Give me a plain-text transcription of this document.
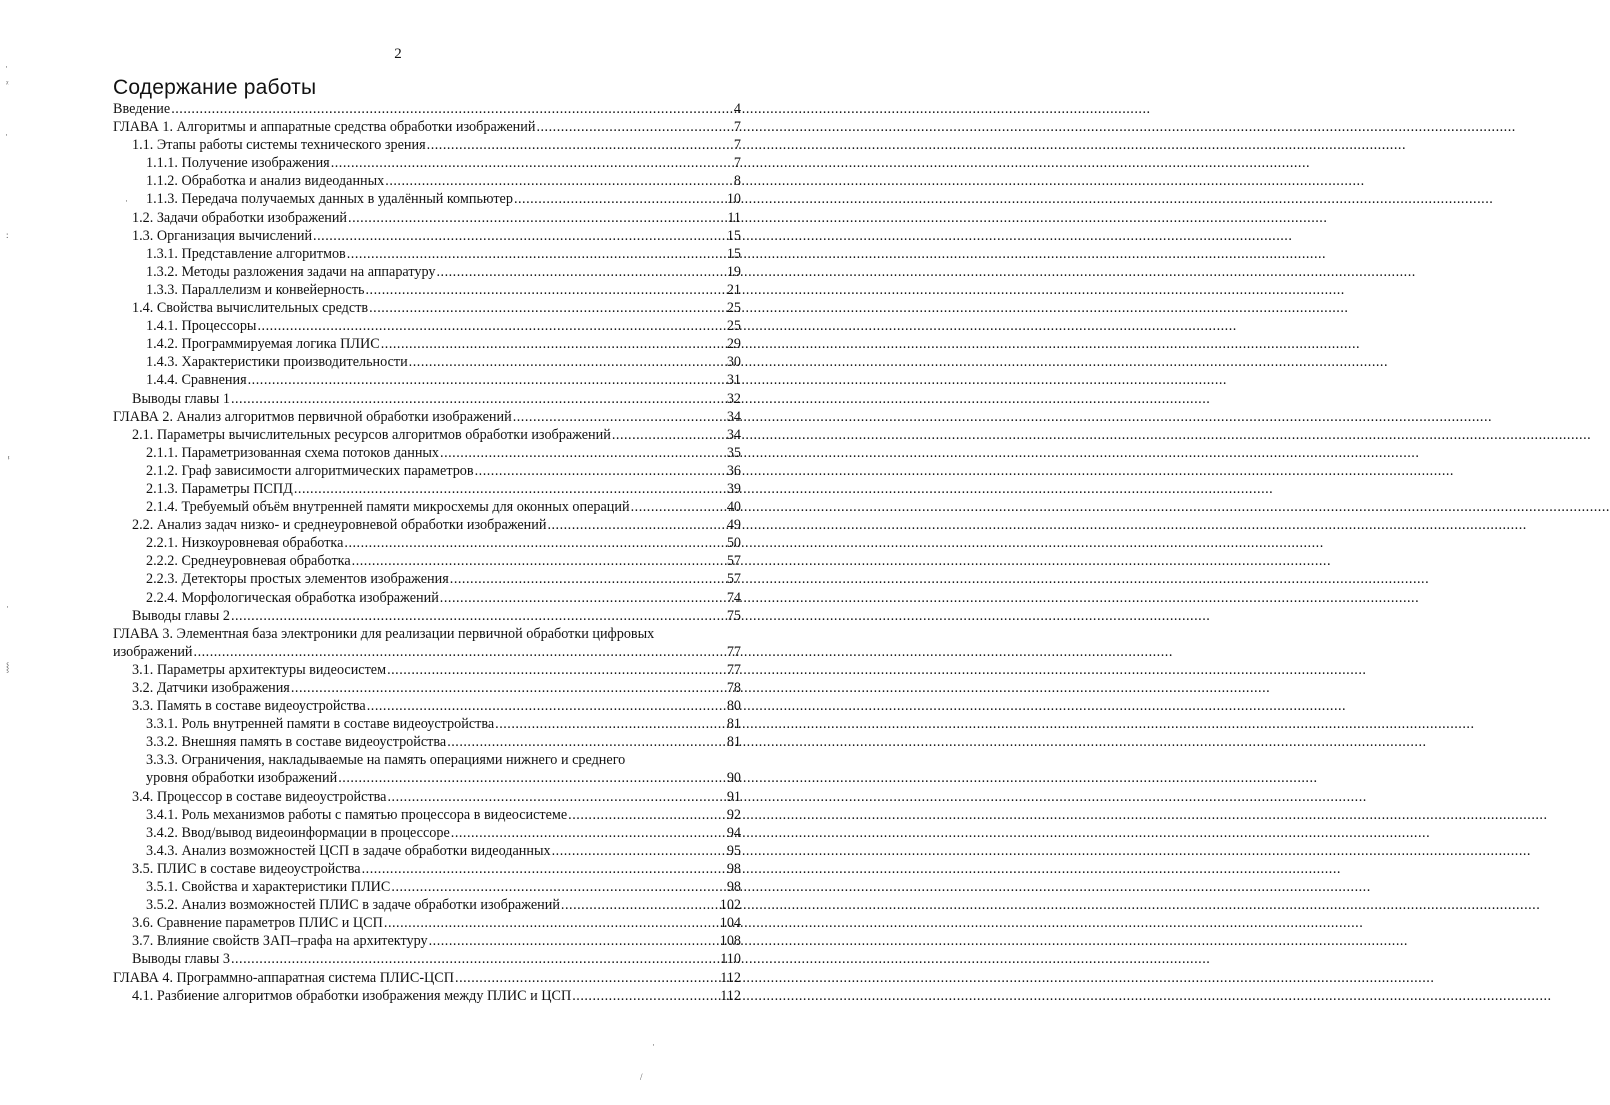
2
Содержание работы
Введение .....	4
ГЛАВА 1. Алгоритмы и аппаратные средства обработки изображений .....	7
1.1. Этапы работы системы технического зрения .....	7
1.1.1. Получение изображения .....	7
1.1.2. Обработка и анализ видеоданных .....	8
1.1.3. Передача получаемых данных в удалённый компьютер .....	10
1.2. Задачи обработки изображений .....	11
1.3. Организация вычислений .....	15
1.3.1. Представление алгоритмов .....	15
1.3.2. Методы разложения задачи на аппаратуру .....	19
1.3.3. Параллелизм и конвейерность .....	21
1.4. Свойства вычислительных средств .....	25
1.4.1. Процессоры .....	25
1.4.2. Программируемая логика ПЛИС .....	29
1.4.3. Характеристики производительности .....	30
1.4.4. Сравнения .....	31
Выводы главы 1 .....	32
ГЛАВА 2. Анализ алгоритмов первичной обработки изображений .....	34
2.1. Параметры вычислительных ресурсов алгоритмов обработки изображений .....	34
2.1.1. Параметризованная схема потоков данных .....	35
2.1.2. Граф зависимости алгоритмических параметров .....	36
2.1.3. Параметры ПСПД .....	39
2.1.4. Требуемый объём внутренней памяти микросхемы для оконных операций .....	40
2.2. Анализ задач низко- и среднеуровневой обработки изображений .....	49
2.2.1. Низкоуровневая обработка .....	50
2.2.2. Среднеуровневая обработка .....	57
2.2.3. Детекторы простых элементов изображения .....	57
2.2.4. Морфологическая обработка изображений .....	74
Выводы главы 2 .....	75
ГЛАВА 3. Элементная база электроники для реализации первичной обработки цифровых
изображений .....	77
3.1. Параметры архитектуры видеосистем .....	77
3.2. Датчики изображения .....	78
3.3. Память в составе видеоустройства .....	80
3.3.1. Роль внутренней памяти в составе видеоустройства .....	81
3.3.2. Внешняя память в составе видеоустройства .....	81
3.3.3. Ограничения, накладываемые на память операциями нижнего и среднего
уровня обработки изображений .....	90
3.4. Процессор в составе видеоустройства .....	91
3.4.1. Роль механизмов работы с памятью процессора в видеосистеме .....	92
3.4.2. Ввод/вывод видеоинформации в процессоре .....	94
3.4.3. Анализ возможностей ЦСП в задаче обработки видеоданных .....	95
3.5. ПЛИС в составе видеоустройства .....	98
3.5.1. Свойства и характеристики ПЛИС .....	98
3.5.2. Анализ возможностей ПЛИС в задаче обработки изображений .....	102
3.6. Сравнение параметров ПЛИС и ЦСП .....	104
3.7. Влияние свойств ЗАП–графа на архитектуру .....	108
Выводы главы 3 .....	110
ГЛАВА 4. Программно-аппаратная система ПЛИС-ЦСП .....	112
4.1. Разбиение алгоритмов обработки изображения между ПЛИС и ЦСП .....	112
·
ᵡ
·
:
ⸯ
·
⸾
·
·
/
